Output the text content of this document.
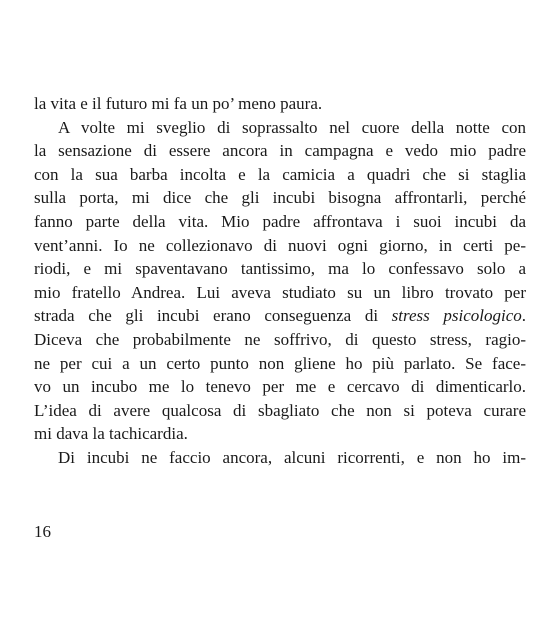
la vita e il futuro mi fa un po’ meno paura.
A volte mi sveglio di soprassalto nel cuore della notte con
la sensazione di essere ancora in campagna e vedo mio padre
con la sua barba incolta e la camicia a quadri che si staglia
sulla porta, mi dice che gli incubi bisogna affrontarli, perché
fanno parte della vita. Mio padre affrontava i suoi incubi da
vent’anni. Io ne collezionavo di nuovi ogni giorno, in certi pe-
riodi, e mi spaventavano tantissimo, ma lo confessavo solo a
mio fratello Andrea. Lui aveva studiato su un libro trovato per
strada che gli incubi erano conseguenza di stress psicologico.
Diceva che probabilmente ne soffrivo, di questo stress, ragio-
ne per cui a un certo punto non gliene ho più parlato. Se face-
vo un incubo me lo tenevo per me e cercavo di dimenticarlo.
L’idea di avere qualcosa di sbagliato che non si poteva curare
mi dava la tachicardia.
Di incubi ne faccio ancora, alcuni ricorrenti, e non ho im-
16
